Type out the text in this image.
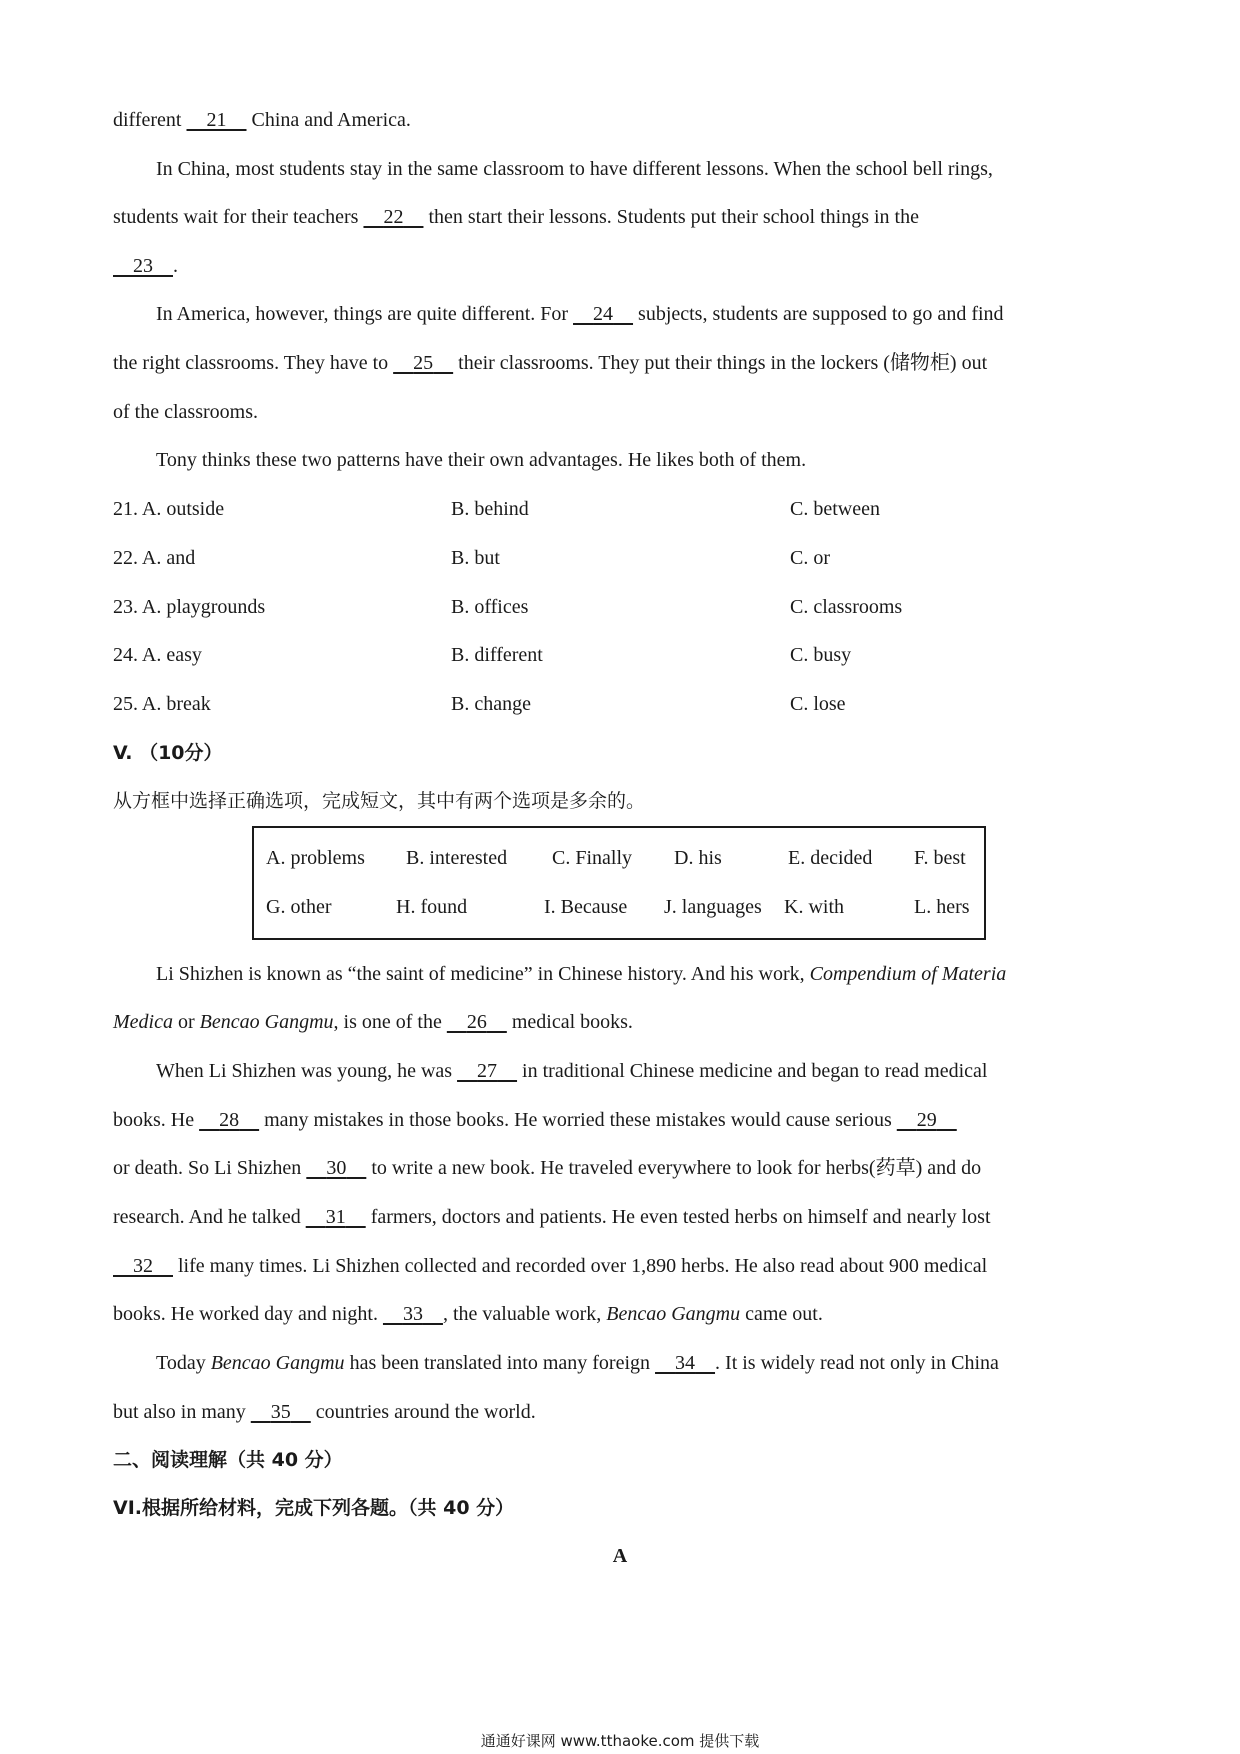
different     21     China and America.
In China, most students stay in the same classroom to have different lessons. When the school bell rings,
students wait for their teachers     22     then start their lessons. Students put their school things in the
23 .
In America, however, things are quite different. For     24     subjects, students are supposed to go and find
the right classrooms. They have to     25     their classrooms. They put their things in the lockers (储物柜) out
of the classrooms.
Tony thinks these two patterns have their own advantages. He likes both of them.
21. A. outside	B. behind	C. between
22. A. and	B. but	C. or
23. A. playgrounds	B. offices	C. classrooms
24. A. easy	B. different	C. busy
25. A. break	B. change	C. lose
V. （10分）
从方框中选择正确选项，完成短文，其中有两个选项是多余的。
A. problems B. interested C. Finally D. his	E. decided F. best
G. other	H. found	I. Because J. languages K. with	L. hers
Li Shizhen is known as “the saint of medicine” in Chinese history. And his work, Compendium of Materia
Medica or Bencao Gangmu, is one of the     26     medical books.
When Li Shizhen was young, he was     27     in traditional Chinese medicine and began to read medical
books. He     28     many mistakes in those books. He worried these mistakes would cause serious     29
or death. So Li Shizhen     30     to write a new book. He traveled everywhere to look for herbs(药草) and do
research. And he talked     31     farmers, doctors and patients. He even tested herbs on himself and nearly lost
32     life many times. Li Shizhen collected and recorded over 1,890 herbs. He also read about 900 medical
books. He worked day and night.     33 , the valuable work, Bencao Gangmu came out.
Today Bencao Gangmu has been translated into many foreign     34 . It is widely read not only in China
but also in many     35     countries around the world.
二、阅读理解（共 40 分）
VI.根据所给材料，完成下列各题。（共 40 分）
A
通通好课网 www.tthaoke.com 提供下载
